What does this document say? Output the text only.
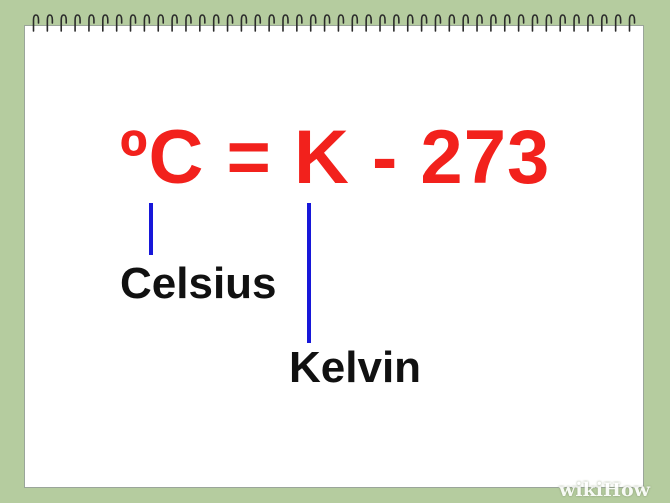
ºC = K - 273
Celsius
Kelvin
wikiHow
